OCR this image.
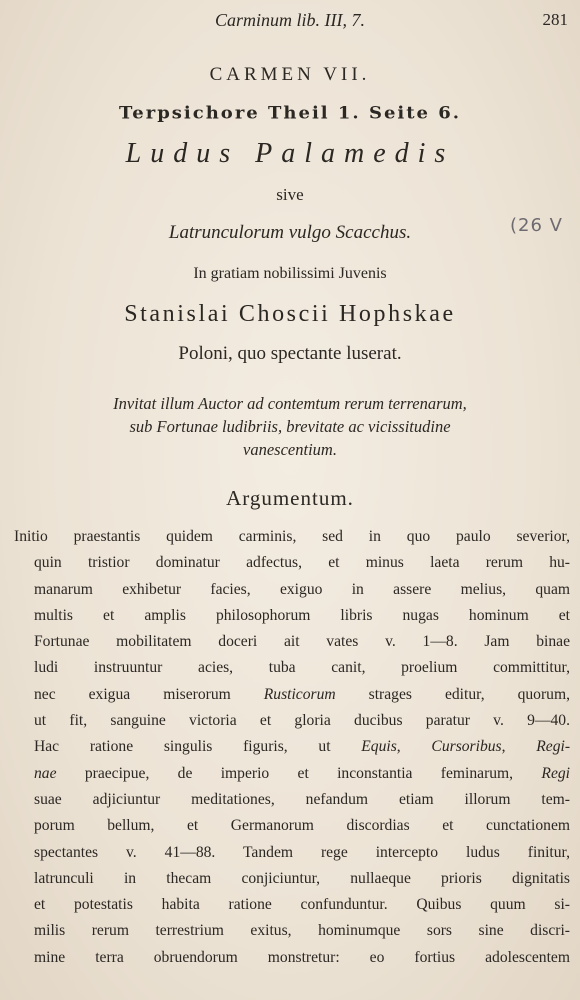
Carminum lib. III, 7.	281
CARMEN VII.
Terpsichore Theil 1. Seite 6.
Ludus Palamedis
sive
Latrunculorum vulgo Scacchus.	(26 V
In gratiam nobilissimi Juvenis
Stanislai Choscii Hophskae
Poloni, quo spectante luserat.
Invitat illum Auctor ad contemtum rerum terrenarum,
sub Fortunae ludibriis, brevitate ac vicissitudine
vanescentium.
Argumentum.
Initio praestantis quidem carminis, sed in quo paulo severior,
quin tristior dominatur adfectus, et minus laeta rerum hu-
manarum exhibetur facies, exiguo in assere melius, quam
multis et amplis philosophorum libris nugas hominum et
Fortunae mobilitatem doceri ait vates v. 1—8. Jam binae
ludi instruuntur acies, tuba canit, proelium committitur,
nec exigua miserorum Rusticorum strages editur, quorum,
ut fit, sanguine victoria et gloria ducibus paratur v. 9—40.
Hac ratione singulis figuris, ut Equis, Cursoribus, Regi-
nae praecipue, de imperio et inconstantia feminarum, Regi
suae adjiciuntur meditationes, nefandum etiam illorum tem-
porum bellum, et Germanorum discordias et cunctationem
spectantes v. 41—88. Tandem rege intercepto ludus finitur,
latrunculi in thecam conjiciuntur, nullaeque prioris dignitatis
et potestatis habita ratione confunduntur. Quibus quum si-
milis rerum terrestrium exitus, hominumque sors sine discri-
mine terra obruendorum monstretur: eo fortius adolescentem
